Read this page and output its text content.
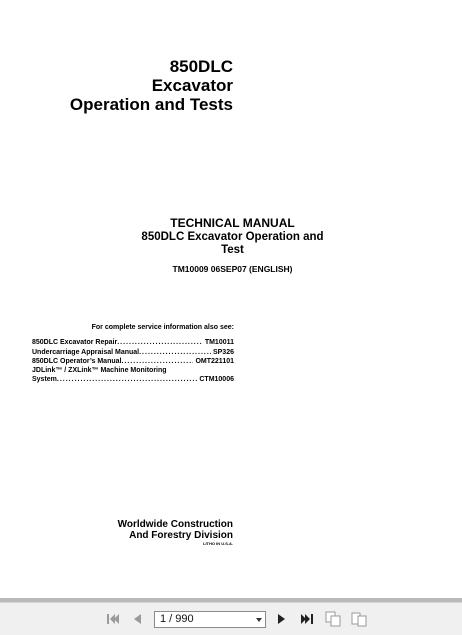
850DLC
Excavator
Operation and Tests
TECHNICAL MANUAL
850DLC Excavator Operation and
Test
TM10009 06SEP07 (ENGLISH)
For complete service information also see:
850DLC Excavator Repair .....	TM10011
Undercarriage Appraisal Manual .....	SP326
850DLC Operator’s Manual .....	OMT221101
JDLink™ / ZXLink™ Machine Monitoring
System .....	CTM10006
Worldwide Construction
And Forestry Division
LITHO IN U.S.A.
1 / 990
